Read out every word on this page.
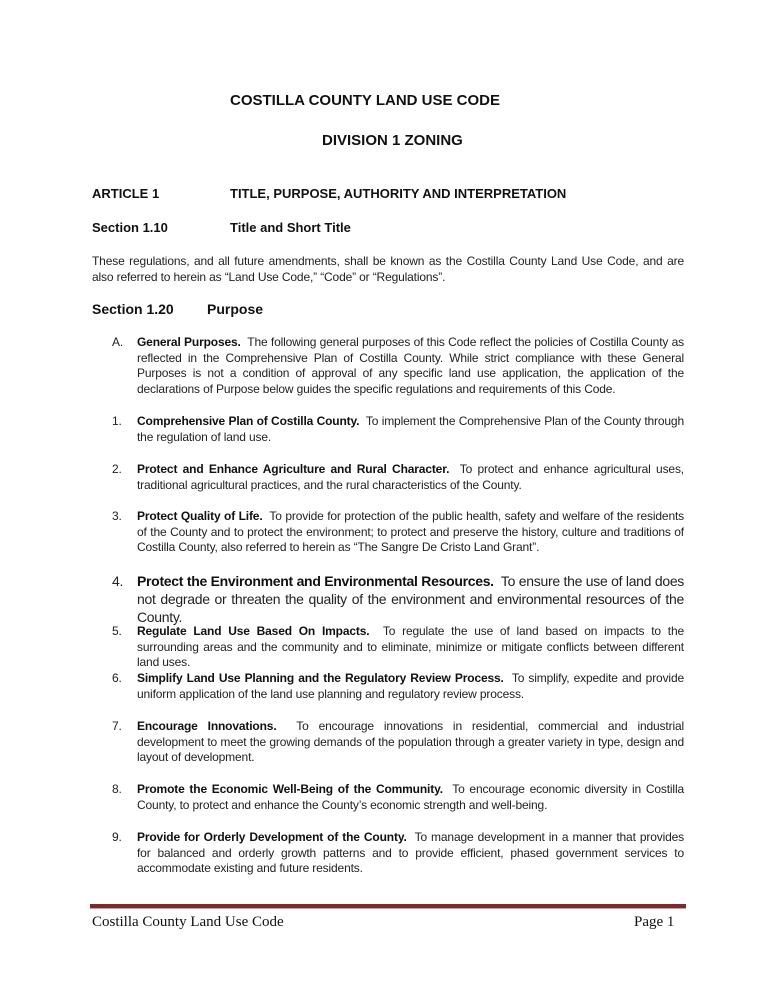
COSTILLA COUNTY LAND USE CODE
DIVISION 1 ZONING
ARTICLE 1	TITLE, PURPOSE, AUTHORITY AND INTERPRETATION
Section 1.10	Title and Short Title
These regulations, and all future amendments, shall be known as the Costilla County Land Use Code, and are also referred to herein as “Land Use Code,” “Code” or “Regulations”.
Section 1.20 Purpose
A. General Purposes. The following general purposes of this Code reflect the policies of Costilla County as reflected in the Comprehensive Plan of Costilla County. While strict compliance with these General Purposes is not a condition of approval of any specific land use application, the application of the declarations of Purpose below guides the specific regulations and requirements of this Code.
1. Comprehensive Plan of Costilla County. To implement the Comprehensive Plan of the County through the regulation of land use.
2. Protect and Enhance Agriculture and Rural Character. To protect and enhance agricultural uses, traditional agricultural practices, and the rural characteristics of the County.
3. Protect Quality of Life. To provide for protection of the public health, safety and welfare of the residents of the County and to protect the environment; to protect and preserve the history, culture and traditions of Costilla County, also referred to herein as “The Sangre De Cristo Land Grant”.
4. Protect the Environment and Environmental Resources. To ensure the use of land does not degrade or threaten the quality of the environment and environmental resources of the County.
5. Regulate Land Use Based On Impacts. To regulate the use of land based on impacts to the surrounding areas and the community and to eliminate, minimize or mitigate conflicts between different land uses.
6. Simplify Land Use Planning and the Regulatory Review Process. To simplify, expedite and provide uniform application of the land use planning and regulatory review process.
7. Encourage Innovations. To encourage innovations in residential, commercial and industrial development to meet the growing demands of the population through a greater variety in type, design and layout of development.
8. Promote the Economic Well-Being of the Community. To encourage economic diversity in Costilla County, to protect and enhance the County’s economic strength and well-being.
9. Provide for Orderly Development of the County. To manage development in a manner that provides for balanced and orderly growth patterns and to provide efficient, phased government services to accommodate existing and future residents.
Costilla County Land Use Code	Page 1
